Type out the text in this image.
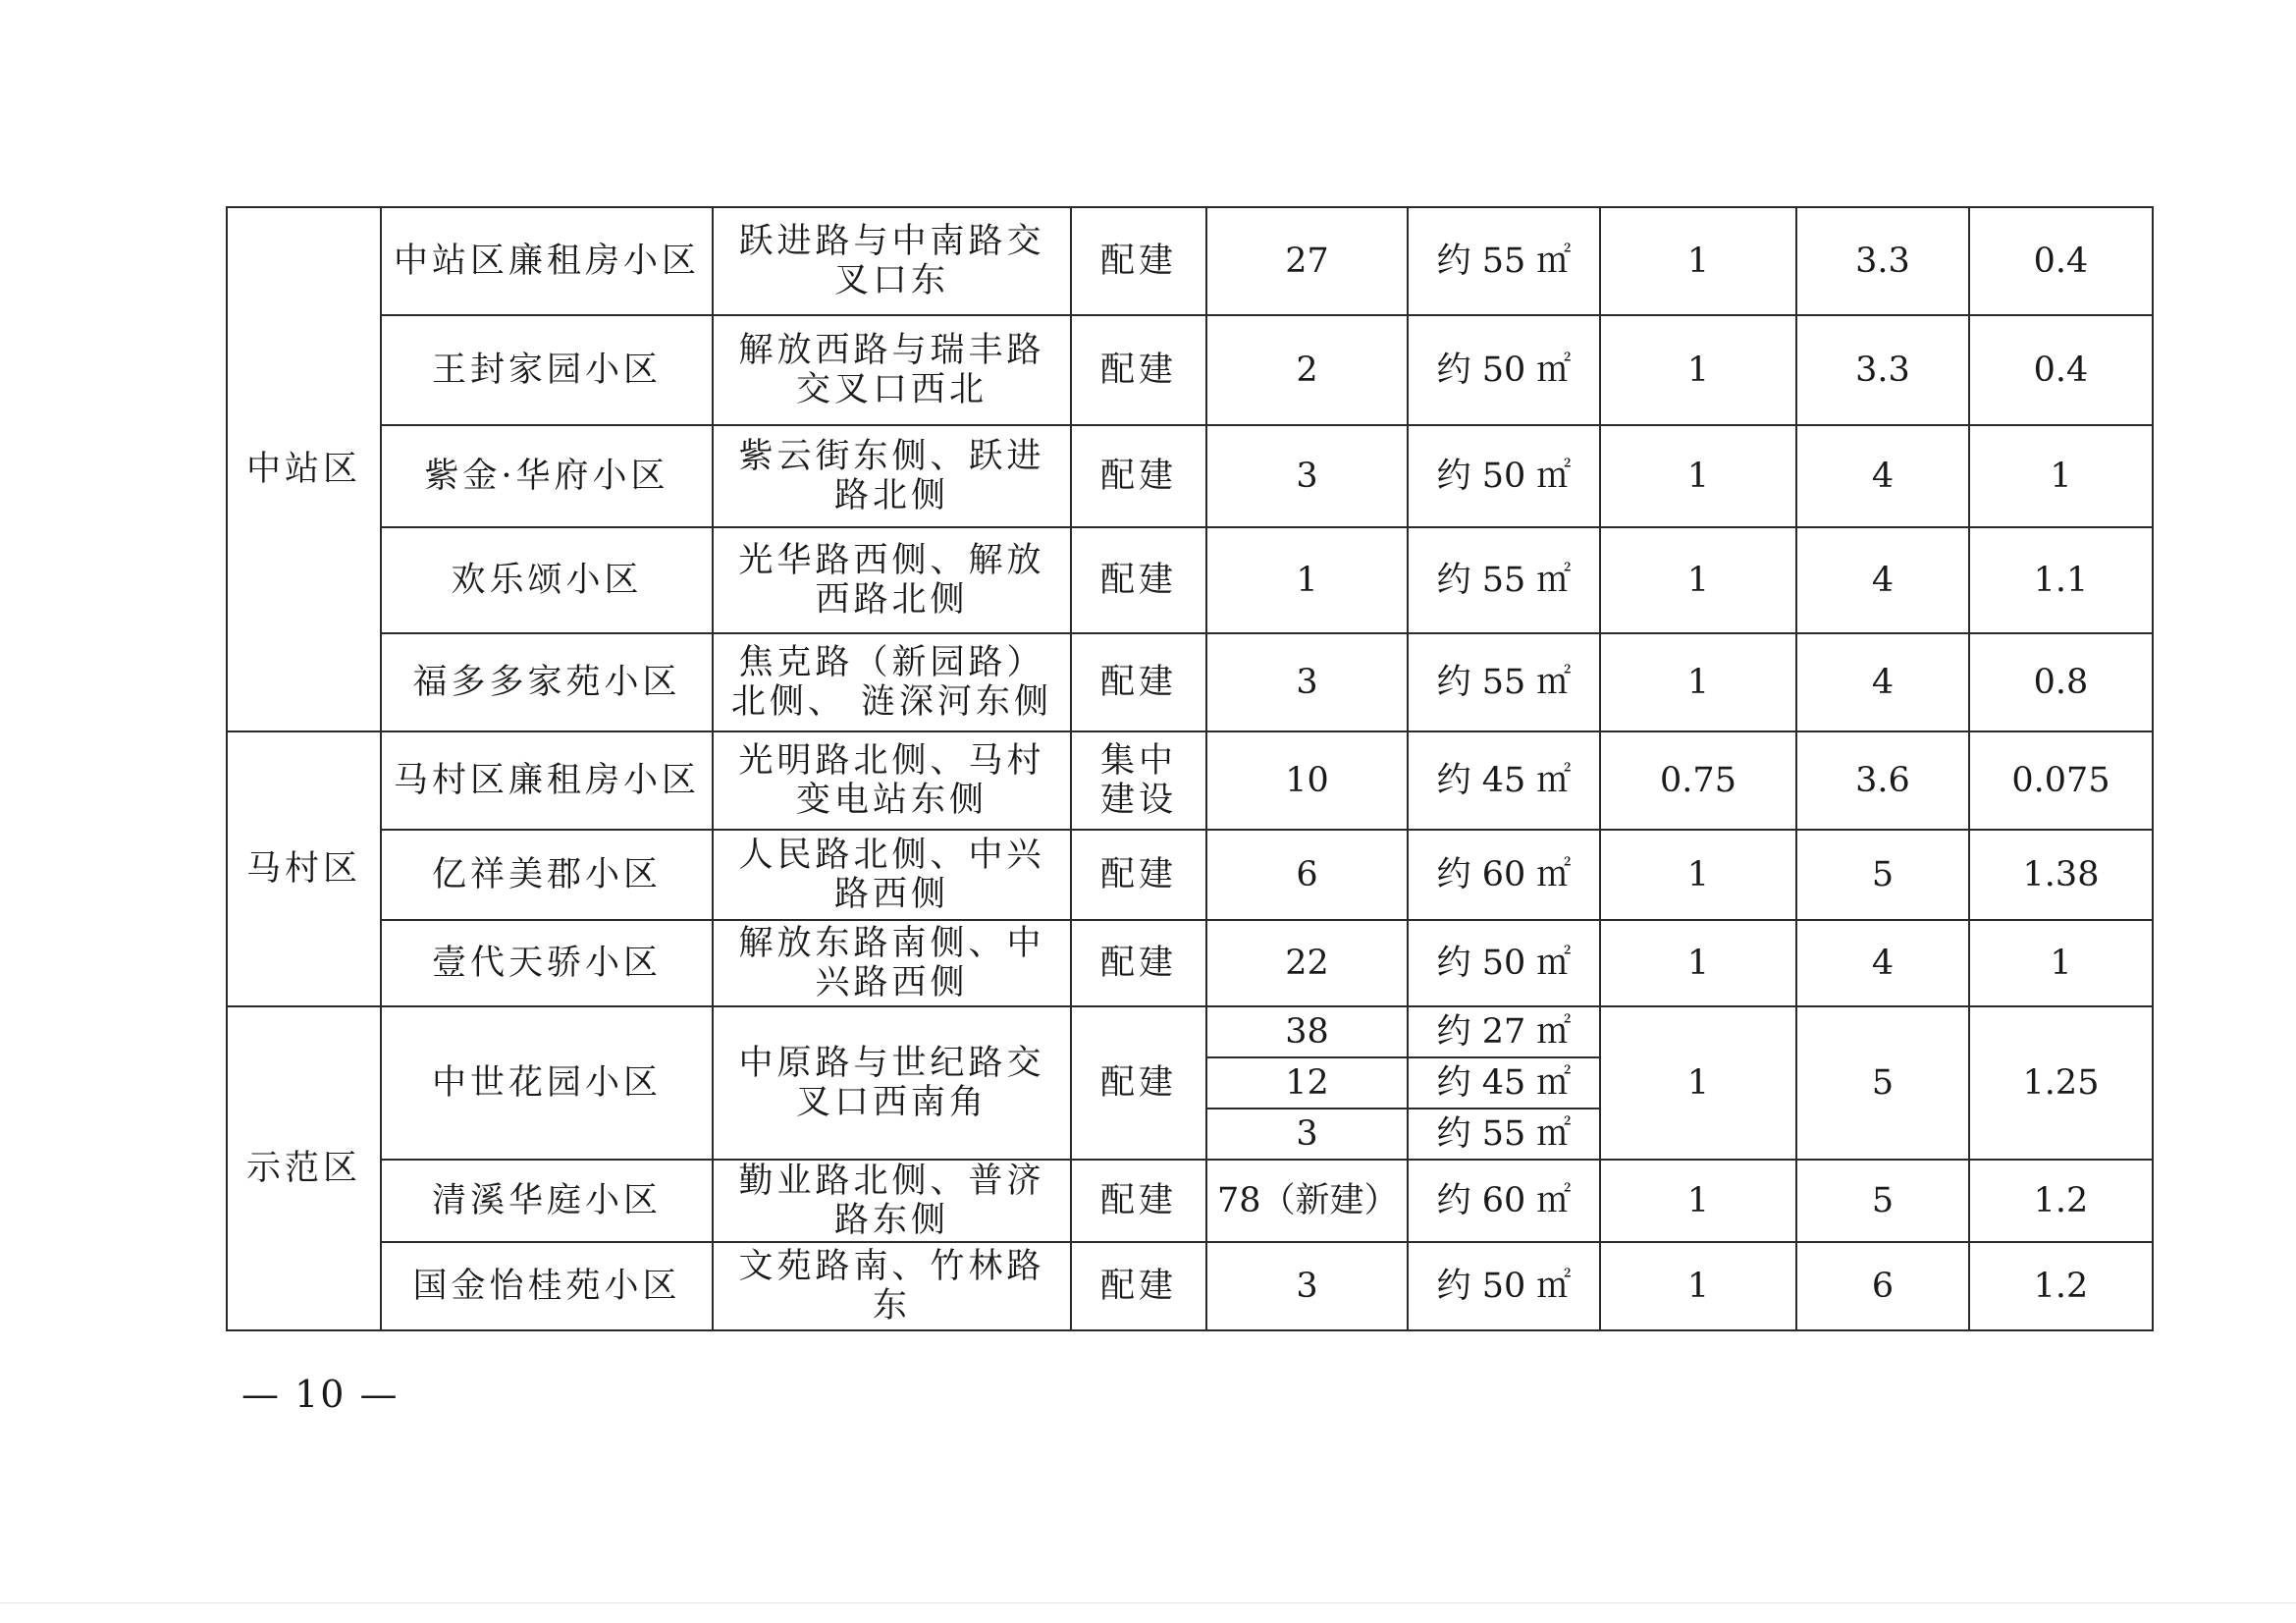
中站区	中站区廉租房小区	跃进路与中南路交叉口东	配建	27	约 55 ㎡	1	3.3	0.4
	王封家园小区	解放西路与瑞丰路交叉口西北	配建	2	约 50 ㎡	1	3.3	0.4
	紫金·华府小区	紫云街东侧、跃进路北侧	配建	3	约 50 ㎡	1	4	1
	欢乐颂小区	光华路西侧、解放西路北侧	配建	1	约 55 ㎡	1	4	1.1
	福多多家苑小区	焦克路（新园路）北侧、 涟深河东侧	配建	3	约 55 ㎡	1	4	0.8
马村区	马村区廉租房小区	光明路北侧、马村变电站东侧	集中建设	10	约 45 ㎡	0.75	3.6	0.075
	亿祥美郡小区	人民路北侧、中兴路西侧	配建	6	约 60 ㎡	1	5	1.38
	壹代天骄小区	解放东路南侧、中兴路西侧	配建	22	约 50 ㎡	1	4	1
示范区	中世花园小区	中原路与世纪路交叉口西南角	配建	38	约 27 ㎡	1	5	1.25
				12	约 45 ㎡			
				3	约 55 ㎡			
	清溪华庭小区	勤业路北侧、普济路东侧	配建	78（新建）	约 60 ㎡	1	5	1.2
	国金怡桂苑小区	文苑路南、竹林路东	配建	3	约 50 ㎡	1	6	1.2
— 10 —
